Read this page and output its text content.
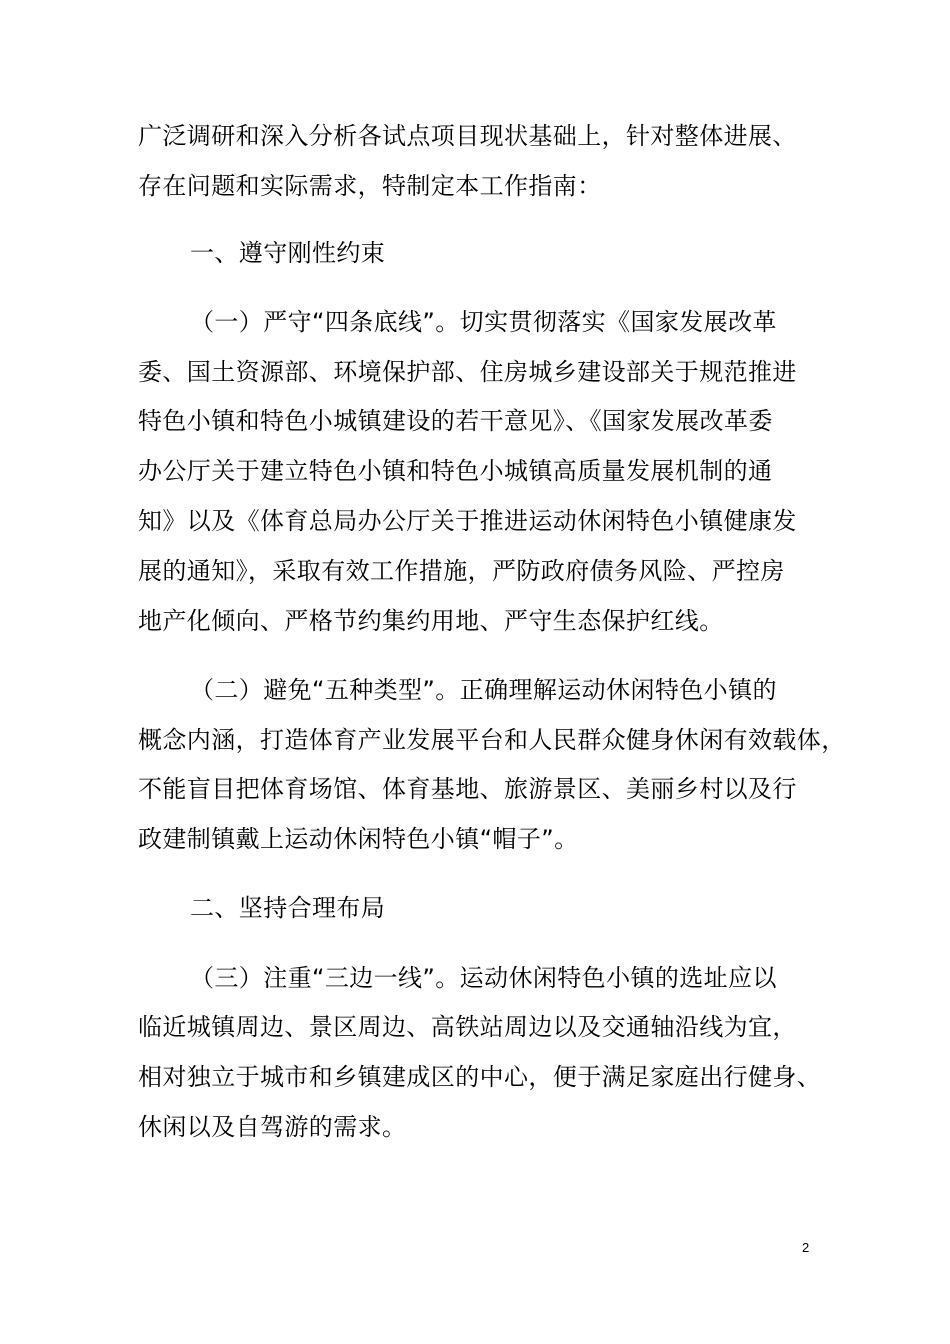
广泛调研和深入分析各试点项目现状基础上，针对整体进展、
存在问题和实际需求，特制定本工作指南：
一、遵守刚性约束
（一）严守“四条底线”。切实贯彻落实《国家发展改革
委、国土资源部、环境保护部、住房城乡建设部关于规范推进
特色小镇和特色小城镇建设的若干意见》、《国家发展改革委
办公厅关于建立特色小镇和特色小城镇高质量发展机制的通
知》以及《体育总局办公厅关于推进运动休闲特色小镇健康发
展的通知》，采取有效工作措施，严防政府债务风险、严控房
地产化倾向、严格节约集约用地、严守生态保护红线。
（二）避免“五种类型”。正确理解运动休闲特色小镇的
概念内涵，打造体育产业发展平台和人民群众健身休闲有效载体，
不能盲目把体育场馆、体育基地、旅游景区、美丽乡村以及行
政建制镇戴上运动休闲特色小镇“帽子”。
二、坚持合理布局
（三）注重“三边一线”。运动休闲特色小镇的选址应以
临近城镇周边、景区周边、高铁站周边以及交通轴沿线为宜，
相对独立于城市和乡镇建成区的中心，便于满足家庭出行健身、
休闲以及自驾游的需求。
2
